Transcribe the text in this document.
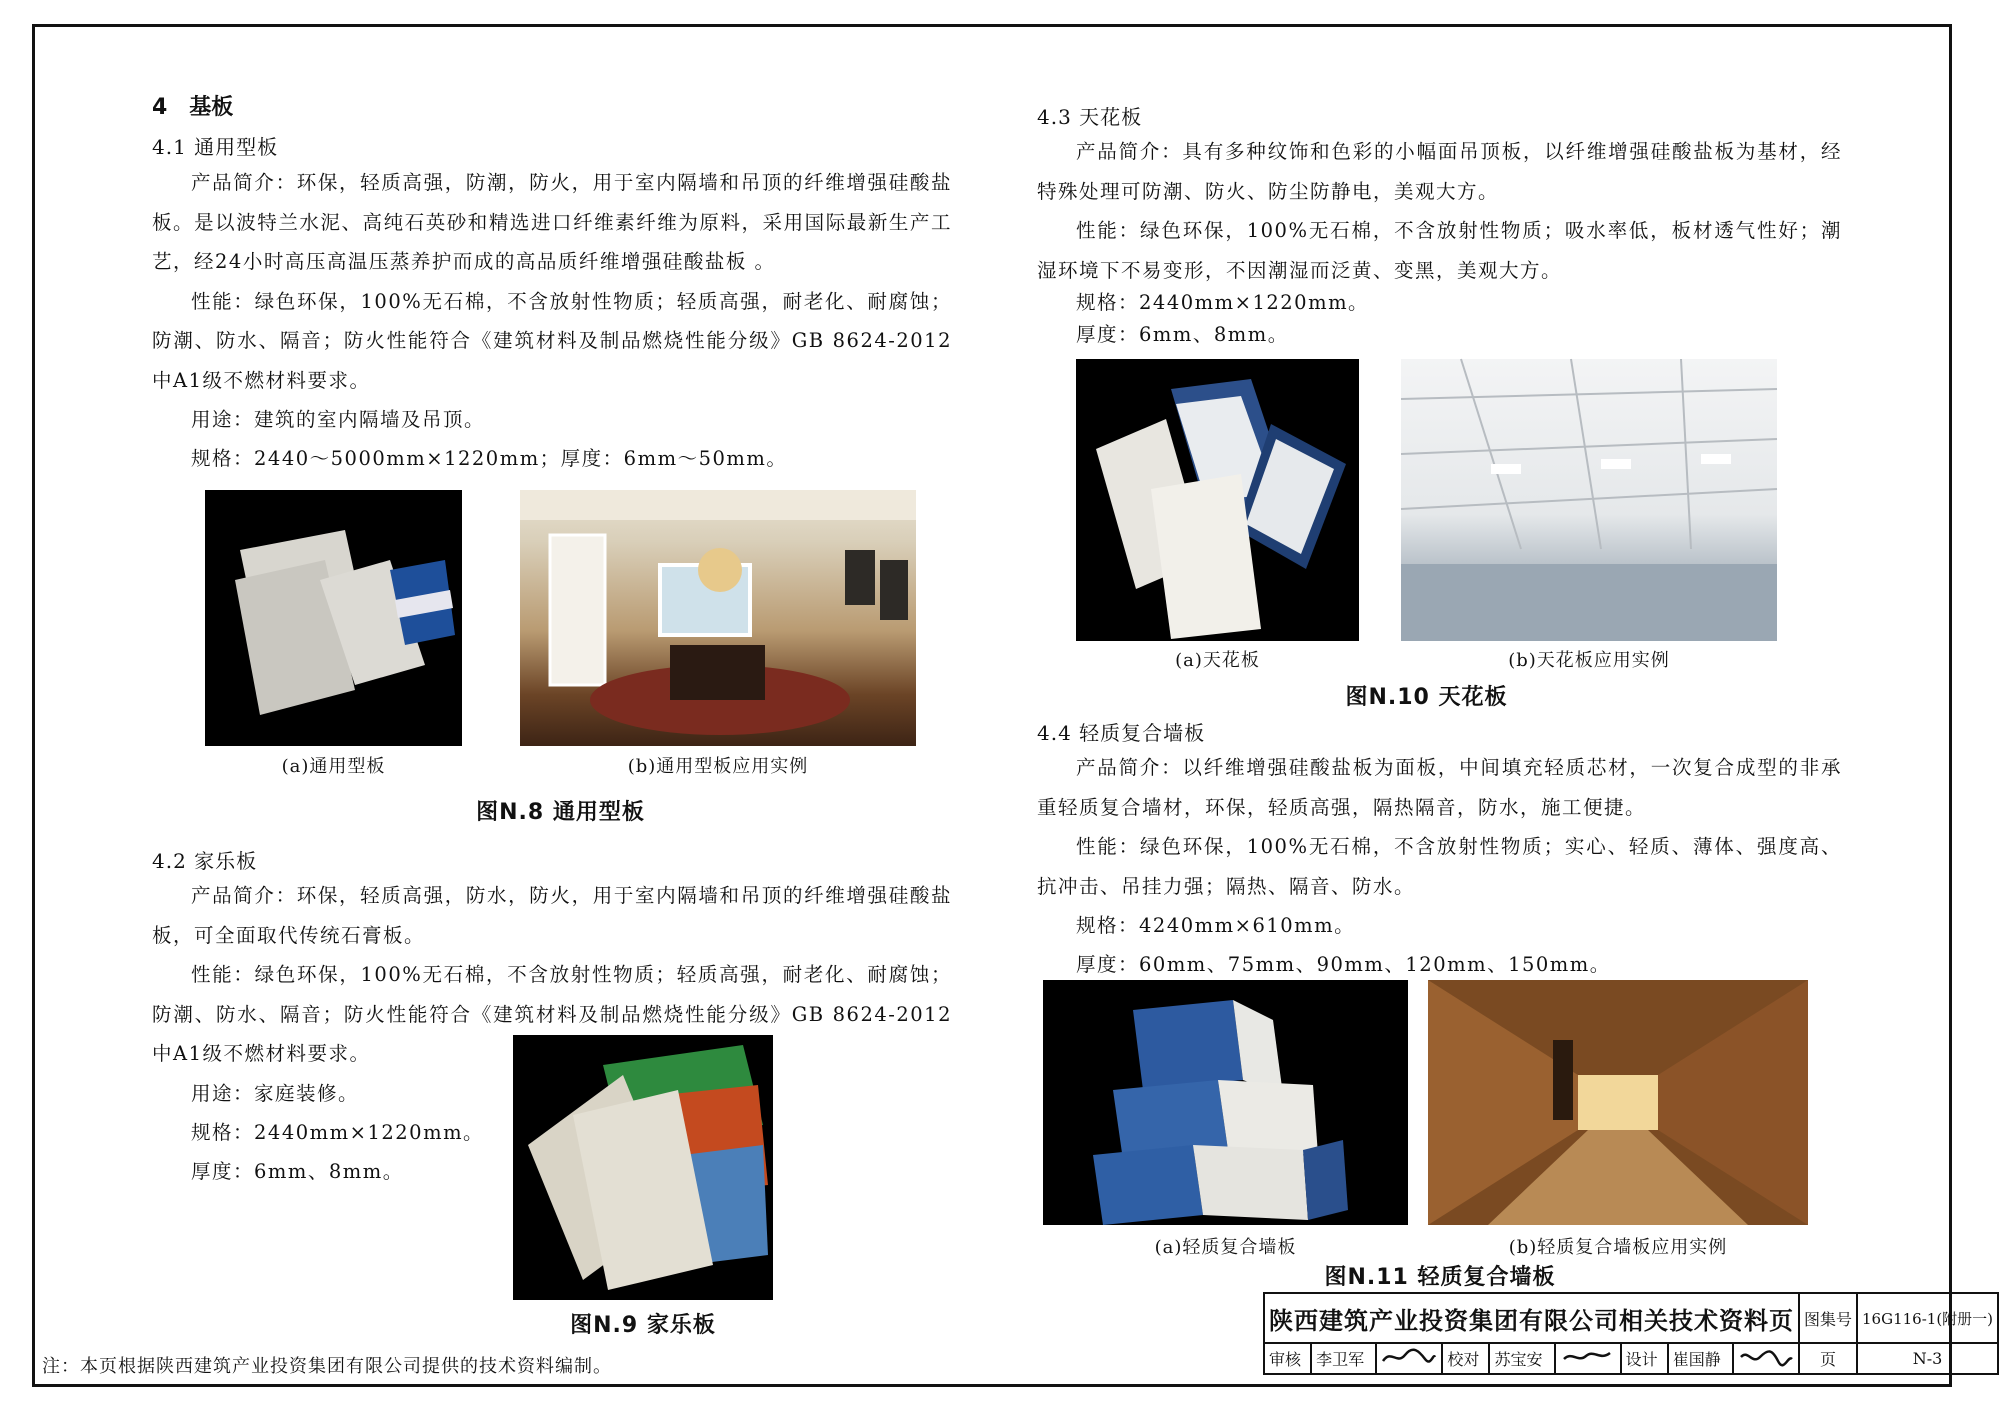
4　基板
4.1 通用型板

产品简介：环保，轻质高强，防潮，防火，用于室内隔墙和吊顶的纤维增强硅酸盐板。是以波特兰水泥、高纯石英砂和精选进口纤维素纤维为原料，采用国际最新生产工艺，经24小时高压高温压蒸养护而成的高品质纤维增强硅酸盐板 。

性能：绿色环保，100%无石棉，不含放射性物质；轻质高强，耐老化、耐腐蚀；防潮、防水、隔音；防火性能符合《建筑材料及制品燃烧性能分级》GB 8624-2012中A1级不燃材料要求。

用途：建筑的室内隔墙及吊顶。

规格：2440～5000mm×1220mm；厚度：6mm～50mm。

(a)通用型板	(b)通用型板应用实例
图N.8 通用型板
4.2 家乐板

产品简介：环保，轻质高强，防水，防火，用于室内隔墙和吊顶的纤维增强硅酸盐板，可全面取代传统石膏板。

性能：绿色环保，100%无石棉，不含放射性物质；轻质高强，耐老化、耐腐蚀；防潮、防水、隔音；防火性能符合《建筑材料及制品燃烧性能分级》GB 8624-2012中A1级不燃材料要求。

用途：家庭装修。

规格：2440mm×1220mm。

厚度：6mm、8mm。

图N.9 家乐板
4.3 天花板

产品简介：具有多种纹饰和色彩的小幅面吊顶板，以纤维增强硅酸盐板为基材，经特殊处理可防潮、防火、防尘防静电，美观大方。

性能：绿色环保，100%无石棉，不含放射性物质；吸水率低，板材透气性好；潮湿环境下不易变形，不因潮湿而泛黄、变黑，美观大方。

规格：2440mm×1220mm。

厚度：6mm、8mm。

(a)天花板	(b)天花板应用实例
图N.10 天花板
4.4 轻质复合墙板

产品简介：以纤维增强硅酸盐板为面板，中间填充轻质芯材，一次复合成型的非承重轻质复合墙材，环保，轻质高强，隔热隔音，防水，施工便捷。

性能：绿色环保，100%无石棉，不含放射性物质；实心、轻质、薄体、强度高、抗冲击、吊挂力强；隔热、隔音、防水。

规格：4240mm×610mm。

厚度：60mm、75mm、90mm、120mm、150mm。

(a)轻质复合墙板	(b)轻质复合墙板应用实例
图N.11 轻质复合墙板
注：本页根据陕西建筑产业投资集团有限公司提供的技术资料编制。
陕西建筑产业投资集团有限公司相关技术资料页									图集号	16G116-1(附册一)
审核	李卫军		校对	苏宝安		设计	崔国静		页	N-3
